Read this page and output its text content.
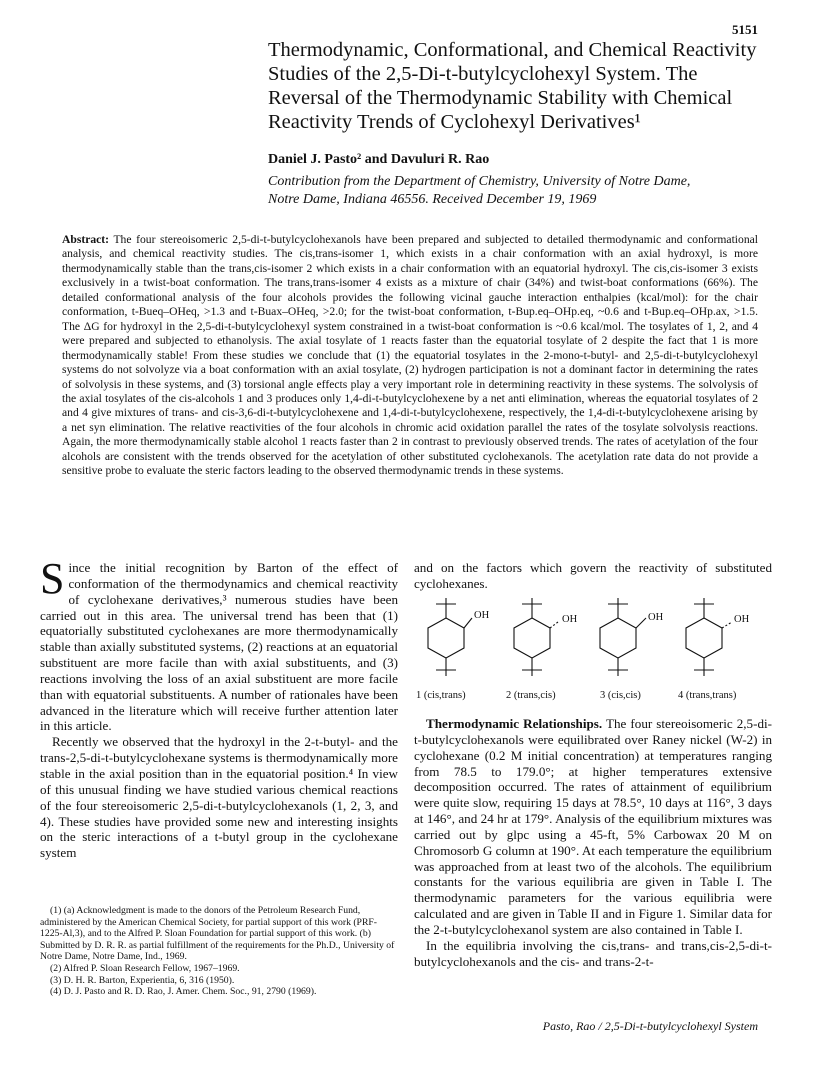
5151
Thermodynamic, Conformational, and Chemical Reactivity Studies of the 2,5-Di-t-butylcyclohexyl System. The Reversal of the Thermodynamic Stability with Chemical Reactivity Trends of Cyclohexyl Derivatives¹
Daniel J. Pasto² and Davuluri R. Rao
Contribution from the Department of Chemistry, University of Notre Dame,
Notre Dame, Indiana 46556. Received December 19, 1969

Abstract: The four stereoisomeric 2,5-di-t-butylcyclohexanols have been prepared and subjected to detailed thermodynamic and conformational analysis, and chemical reactivity studies. The cis,trans-isomer 1, which exists in a chair conformation with an axial hydroxyl, is more thermodynamically stable than the trans,cis-isomer 2 which exists in a chair conformation with an equatorial hydroxyl. The cis,cis-isomer 3 exists exclusively in a twist-boat conformation. The trans,trans-isomer 4 exists as a mixture of chair (34%) and twist-boat conformations (66%). The detailed conformational analysis of the four alcohols provides the following vicinal gauche interaction enthalpies (kcal/mol): for the chair conformation, t-Bueq–OHeq, >1.3 and t-Buax–OHeq, >2.0; for the twist-boat conformation, t-Bup.eq–OHp.eq, ~0.6 and t-Bup.eq–OHp.ax, >1.5. The ΔG for hydroxyl in the 2,5-di-t-butylcyclohexyl system constrained in a twist-boat conformation is ~0.6 kcal/mol. The tosylates of 1, 2, and 4 were prepared and subjected to ethanolysis. The axial tosylate of 1 reacts faster than the equatorial tosylate of 2 despite the fact that 1 is more thermodynamically stable! From these studies we conclude that (1) the equatorial tosylates in the 2-mono-t-butyl- and 2,5-di-t-butylcyclohexyl systems do not solvolyze via a boat conformation with an axial tosylate, (2) hydrogen participation is not a dominant factor in determining the rates of solvolysis in these systems, and (3) torsional angle effects play a very important role in determining reactivity in these systems. The solvolysis of the axial tosylates of the cis-alcohols 1 and 3 produces only 1,4-di-t-butylcyclohexene by a net anti elimination, whereas the equatorial tosylates of 2 and 4 give mixtures of trans- and cis-3,6-di-t-butylcyclohexene and 1,4-di-t-butylcyclohexene, respectively, the 1,4-di-t-butylcyclohexene arising by a net syn elimination. The relative reactivities of the four alcohols in chromic acid oxidation parallel the rates of the tosylate solvolysis reactions. Again, the more thermodynamically stable alcohol 1 reacts faster than 2 in contrast to previously observed trends. The rates of acetylation of the four alcohols are consistent with the trends observed for the acetylation of other substituted cyclohexanols. The acetylation rate data do not provide a sensitive probe to evaluate the steric factors leading to the observed thermodynamic trends in these systems.

Since the initial recognition by Barton of the effect of conformation of the thermodynamics and chemical reactivity of cyclohexane derivatives,³ numerous studies have been carried out in this area. The universal trend has been that (1) equatorially substituted cyclohexanes are more thermodynamically stable than axially substituted systems, (2) reactions at an equatorial substituent are more facile than with axial substituents, and (3) reactions involving the loss of an axial substituent are more facile than with equatorial substituents. A number of rationales have been advanced in the literature which will receive further attention later in this article.

Recently we observed that the hydroxyl in the 2-t-butyl- and the trans-2,5-di-t-butylcyclohexane systems is thermodynamically more stable in the axial position than in the equatorial position.⁴ In view of this unusual finding we have studied various chemical reactions of the four stereoisomeric 2,5-di-t-butylcyclohexanols (1, 2, 3, and 4). These studies have provided some new and interesting insights on the steric interactions of a t-butyl group in the cyclohexane system

(1) (a) Acknowledgment is made to the donors of the Petroleum Research Fund, administered by the American Chemical Society, for partial support of this work (PRF-1225-Al,3), and to the Alfred P. Sloan Foundation for partial support of this work. (b) Submitted by D. R. R. as partial fulfillment of the requirements for the Ph.D., University of Notre Dame, Notre Dame, Ind., 1969.

(2) Alfred P. Sloan Research Fellow, 1967–1969.

(3) D. H. R. Barton, Experientia, 6, 316 (1950).

(4) D. J. Pasto and R. D. Rao, J. Amer. Chem. Soc., 91, 2790 (1969).

and on the factors which govern the reactivity of substituted cyclohexanes.

OH	OH	OH	OH
1 (cis,trans)	2 (trans,cis)	3 (cis,cis)	4 (trans,trans)

Thermodynamic Relationships. The four stereoisomeric 2,5-di-t-butylcyclohexanols were equilibrated over Raney nickel (W-2) in cyclohexane (0.2 M initial concentration) at temperatures ranging from 78.5 to 179.0°; at higher temperatures extensive decomposition occurred. The rates of attainment of equilibrium were quite slow, requiring 15 days at 78.5°, 10 days at 116°, 3 days at 146°, and 24 hr at 179°. Analysis of the equilibrium mixtures was carried out by glpc using a 45-ft, 5% Carbowax 20 M on Chromosorb G column at 190°. At each temperature the equilibrium was approached from at least two of the alcohols. The equilibrium constants for the various equilibria are given in Table I. The thermodynamic parameters for the various equilibria were calculated and are given in Table II and in Figure 1. Similar data for the 2-t-butylcyclohexanol system are also contained in Table I.

In the equilibria involving the cis,trans- and trans,cis-2,5-di-t-butylcyclohexanols and the cis- and trans-2-t-

Pasto, Rao / 2,5-Di-t-butylcyclohexyl System
